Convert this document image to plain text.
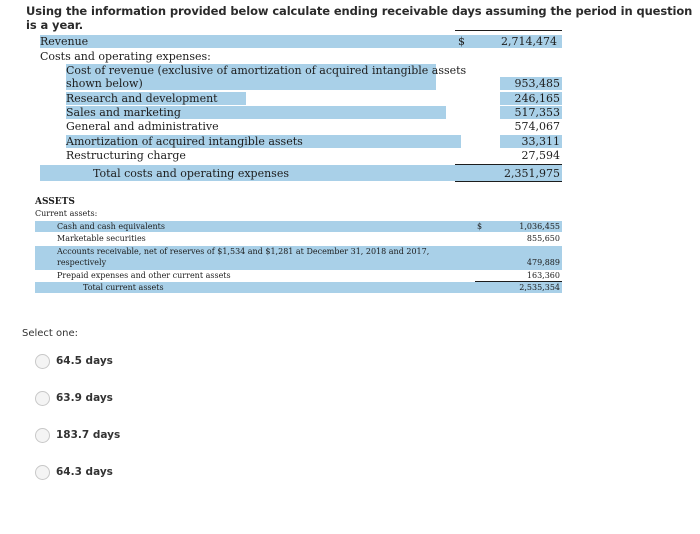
Using the information provided below calculate ending receivable days assuming the period in question is a year.
Revenue	$	2,714,474
Costs and operating expenses:
Cost of revenue (exclusive of amortization of acquired intangible assets
shown below)	953,485
Research and development	246,165
Sales and marketing	517,353
General and administrative	574,067
Amortization of acquired intangible assets	33,311
Restructuring charge	27,594
Total costs and operating expenses	2,351,975
ASSETS
Current assets:
Cash and cash equivalents	$	1,036,455
Marketable securities	855,650
Accounts receivable, net of reserves of $1,534 and $1,281 at December 31, 2018 and 2017,
respectively	479,889
Prepaid expenses and other current assets	163,360
Total current assets	2,535,354
Select one:
64.5 days
63.9 days
183.7 days
64.3 days
